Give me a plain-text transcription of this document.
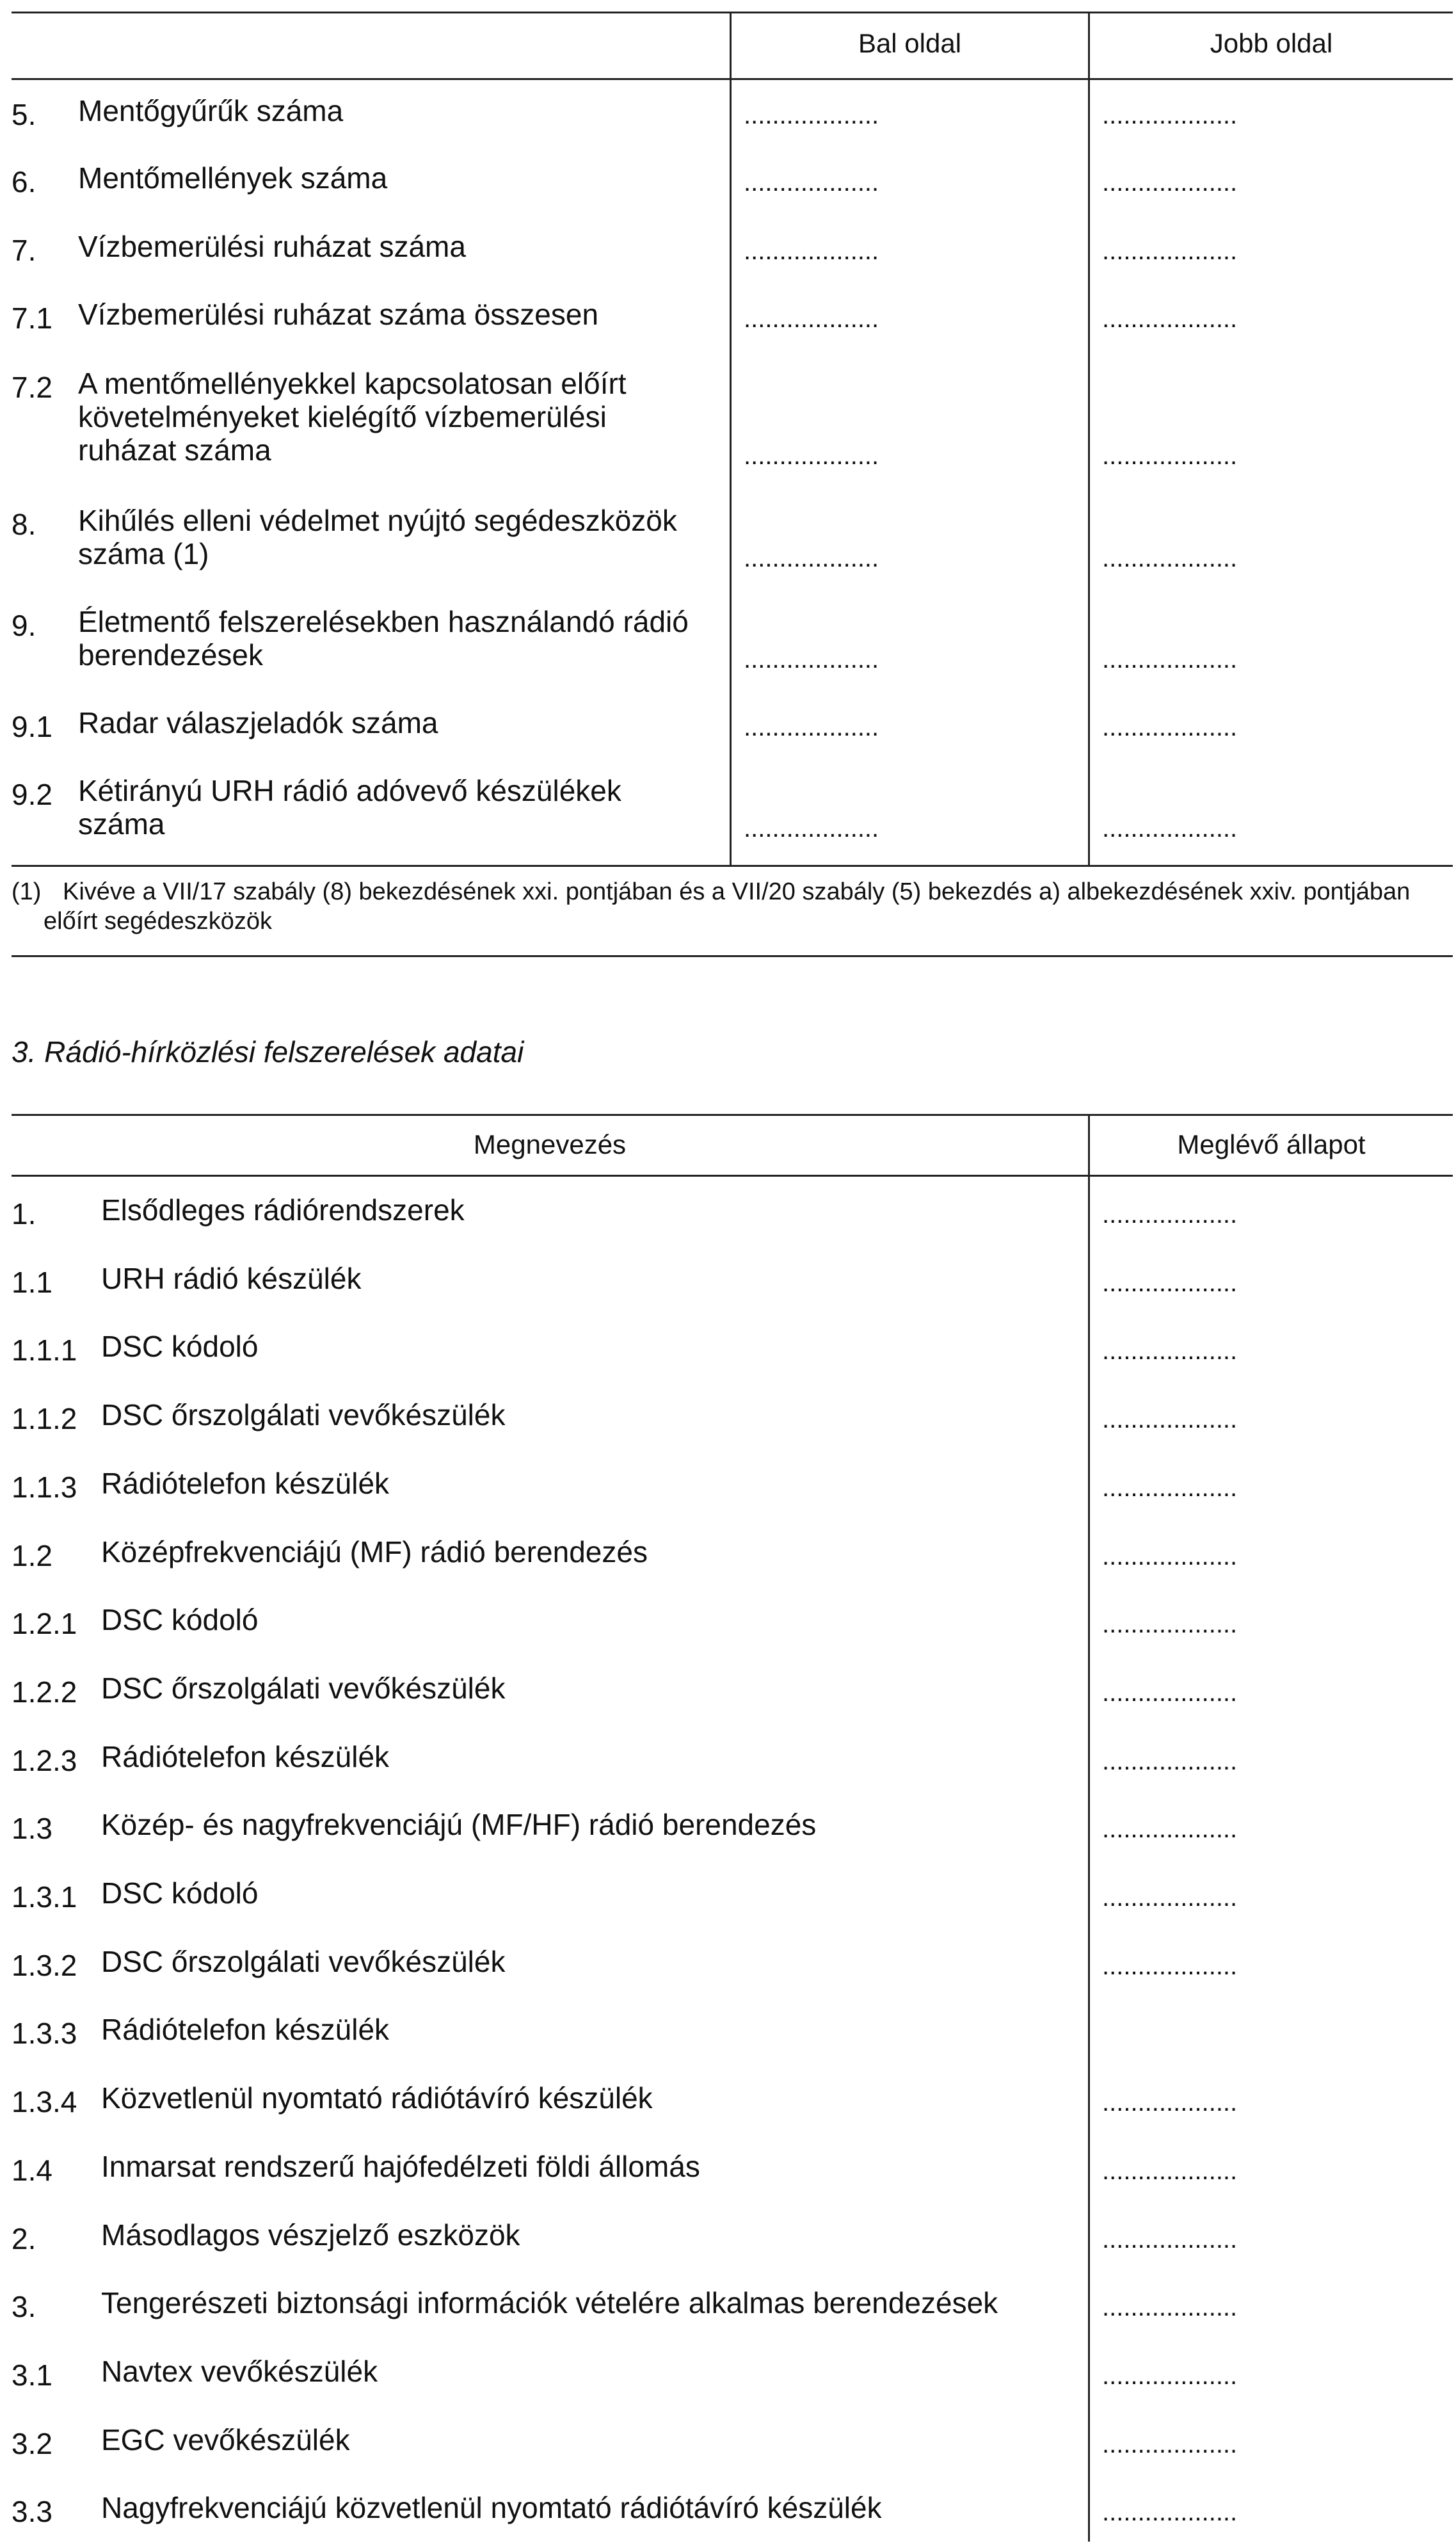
Bal oldal	Jobb oldal
5. Mentőgyűrűk száma	...................	...................
6. Mentőmellények száma	...................	...................
7. Vízbemerülési ruházat száma	...................	...................
7.1 Vízbemerülési ruházat száma összesen	...................	...................
7.2 A mentőmellényekkel kapcsolatosan előírt követelményeket kielégítő vízbemerülési ruházat száma	...................	...................
8. Kihűlés elleni védelmet nyújtó segédeszközök száma (1)	...................	...................
9. Életmentő felszerelésekben használandó rádió berendezések	...................	...................
9.1 Radar válaszjeladók száma	...................	...................
9.2 Kétirányú URH rádió adóvevő készülékek száma	...................	...................
(1) Kivéve a VII/17 szabály (8) bekezdésének xxi. pontjában és a VII/20 szabály (5) bekezdés a) albekezdésének xxiv. pontjában előírt segédeszközök
3. Rádió-hírközlési felszerelések adatai
Megnevezés	Meglévő állapot
1. Elsődleges rádiórendszerek	...................
1.1 URH rádió készülék	...................
1.1.1 DSC kódoló	...................
1.1.2 DSC őrszolgálati vevőkészülék	...................
1.1.3 Rádiótelefon készülék	...................
1.2 Középfrekvenciájú (MF) rádió berendezés	...................
1.2.1 DSC kódoló	...................
1.2.2 DSC őrszolgálati vevőkészülék	...................
1.2.3 Rádiótelefon készülék	...................
1.3 Közép- és nagyfrekvenciájú (MF/HF) rádió berendezés	...................
1.3.1 DSC kódoló	...................
1.3.2 DSC őrszolgálati vevőkészülék	...................
1.3.3 Rádiótelefon készülék
1.3.4 Közvetlenül nyomtató rádiótávíró készülék	...................
1.4 Inmarsat rendszerű hajófedélzeti földi állomás	...................
2. Másodlagos vészjelző eszközök	...................
3. Tengerészeti biztonsági információk vételére alkalmas berendezések	...................
3.1 Navtex vevőkészülék	...................
3.2 EGC vevőkészülék	...................
3.3 Nagyfrekvenciájú közvetlenül nyomtató rádiótávíró készülék	...................
